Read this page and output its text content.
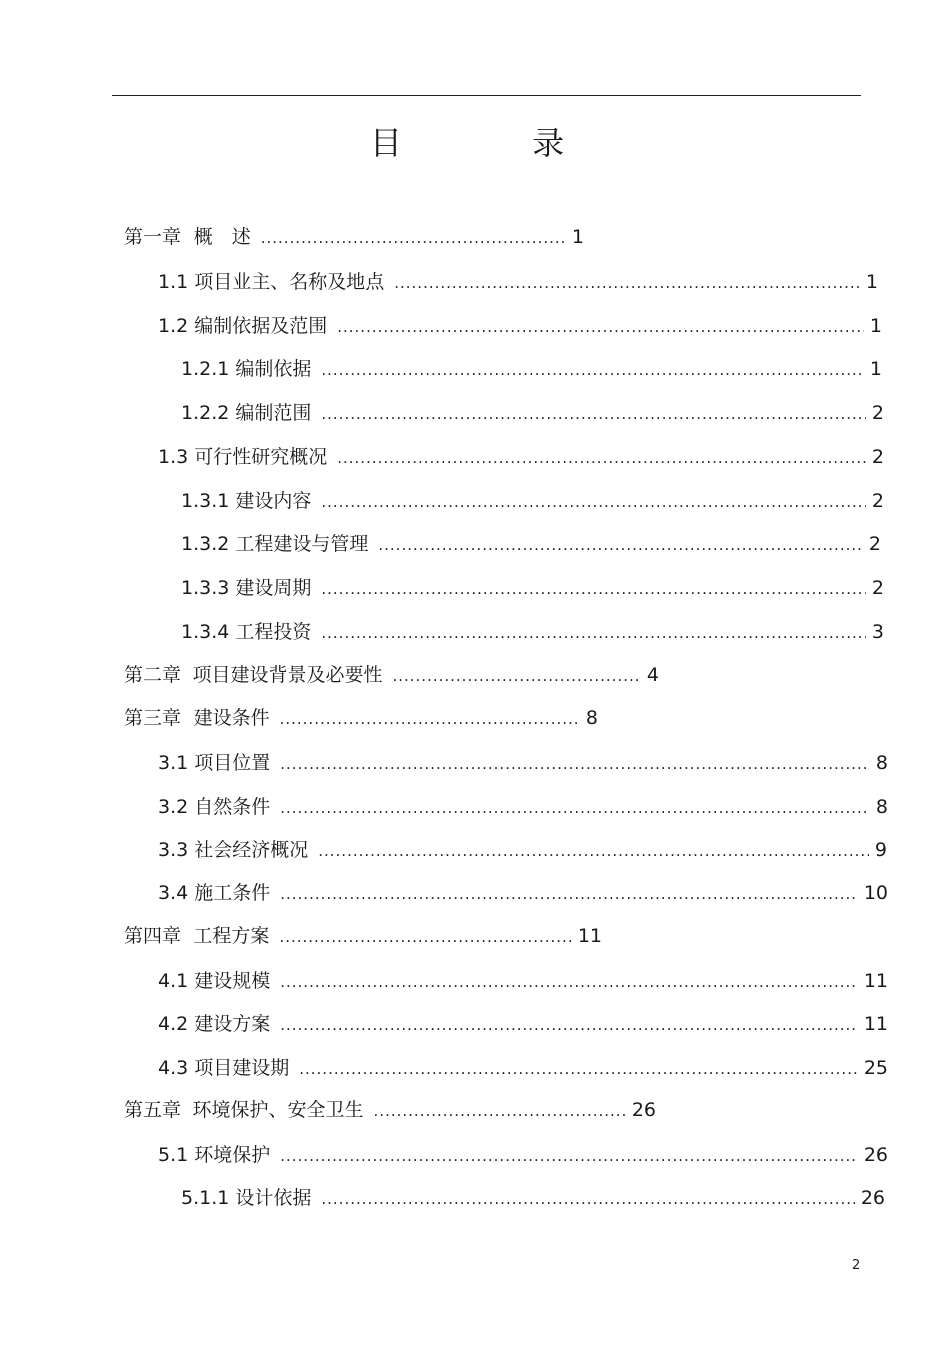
目 录
第一章 概　述 .....	1
1.1 项目业主、名称及地点 .....	1
1.2 编制依据及范围 .....	1
1.2.1 编制依据 .....	1
1.2.2 编制范围 .....	2
1.3 可行性研究概况 .....	2
1.3.1 建设内容 .....	2
1.3.2 工程建设与管理 .....	2
1.3.3 建设周期 .....	2
1.3.4 工程投资 .....	3
第二章 项目建设背景及必要性 .....	4
第三章 建设条件 .....	8
3.1 项目位置 .....	8
3.2 自然条件 .....	8
3.3 社会经济概况 .....	9
3.4 施工条件 .....	10
第四章 工程方案 .....	11
4.1 建设规模 .....	11
4.2 建设方案 .....	11
4.3 项目建设期 .....	25
第五章 环境保护、安全卫生 .....	26
5.1 环境保护 .....	26
5.1.1 设计依据 .....	26
2
